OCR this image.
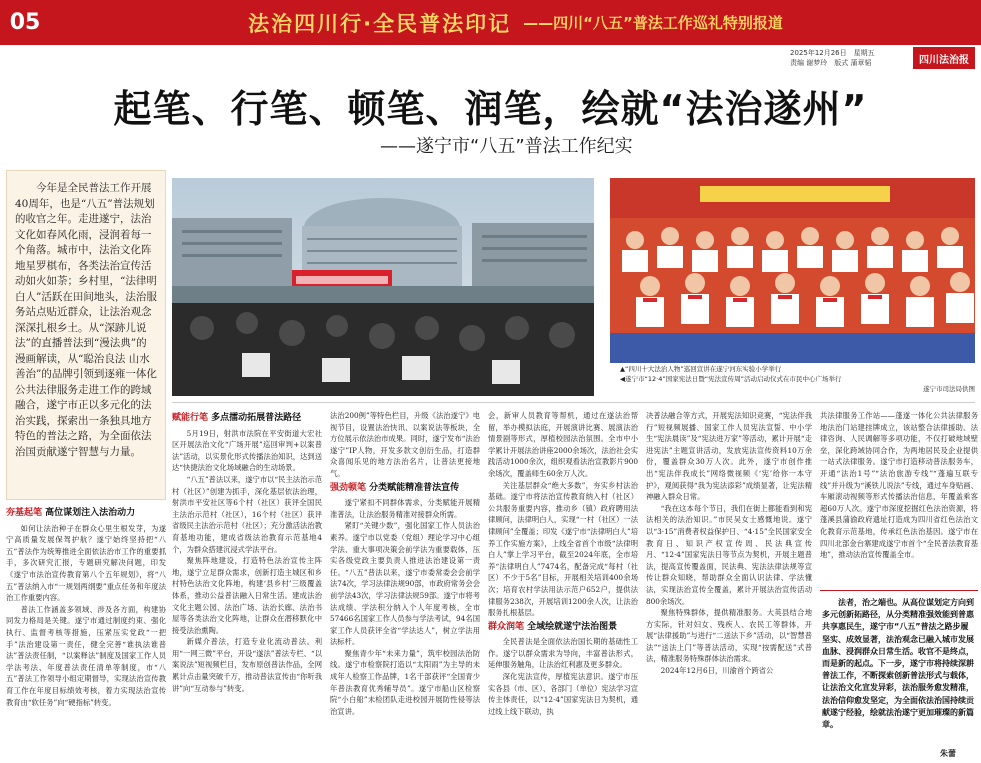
05	法治四川行·全民普法印记 ——四川“八五”普法工作巡礼特别报道
2025年12月26日　星期五
责编 谢梦玲　版式 蒲章韬	四川法治报
起笔、行笔、顿笔、润笔，绘就“法治遂州”
——遂宁市“八五”普法工作纪实

今年是全民普法工作开展40周年，也是“八五”普法规划的收官之年。走进遂宁，法治文化如春风化雨，浸润着每一个角落。城市中，法治文化阵地星罗棋布，各类法治宣传活动如火如荼；乡村里，“法律明白人”活跃在田间地头，法治服务站点贴近群众，让法治观念深深扎根乡土。从“深跡儿说法”的直播普法到“漫法典”的漫画解读，从“聪治良法 山水善治”的品牌引领到逐雍一体化公共法律服务走进工作的跨域融合，遂宁市正以多元化的法治实践，探索出一条独具地方特色的普法之路，为全面依法治国贡献遂宁智慧与力量。

▲“四川十大法治人物”巡回宣讲在遂宁河东实验小学举行
◀遂宁市“12·4”国家宪法日暨“宪法宣传周”活动启动仪式在市民中心广场举行
遂宁市司法局供图
夯基起笔 高位谋划注入法治动力

如何让法治种子在群众心里生根发芽，为遂宁高质量发展保驾护航？遂宁始终坚持把“八五”普法作为统筹推进全面依法治市工作的重要抓手，多次研究汇报，专题研究解决问题，印发《遂宁市法治宣传教育第八个五年规划》，将“八五”普法纳入市“一规划两纲要”重点任务和年度法治工作重要内容。

普法工作涵盖多领域、涉及各方面，构建协同发力格局是关键。遂宁市通过制度约束、强化执行、监督考核等措施，压紧压实党政“一把手”法治建设第一责任，健全完善“谁执法谁普法”普法责任制，“以案释法”制度及国家工作人员学法考法、年度普法责任清单等制度，市“八五”普法工作领导小组定期督导，实现法治宣传教育工作在年度目标绩效考核，着力实现法治宣传教育由“软任务”向“硬指标”转变。

赋能行笔 多点擂动拓展普法路径

5月19日，射洪市法院在平安街道大宏社区开展法治文化“广场开展”巡回审判+以案普法”活动，以实景化形式传播法治知识，达到送达“快捷法治文化场域融合的生动场景。

“八五”普法以来，遂宁市以“民主法治示范村（社区）”创建为抓手，深化基层依法治理，射洪市平安社区等6个村（社区）获评全国民主法治示范村（社区），16个村（社区）获评省级民主法治示范村（社区）；充分激活法治教育基地功能，建成省级法治教育示范基地4个，为群众搭建沉浸式学法平台。

聚焦阵地建设，打造特色法治宣传主阵地，遂宁立足群众需求，创新打造主城区和乡村特色法治文化阵地，构建‘县乡村’三级覆盖体系，推动公益普法融入日常生活。建成法治文化主题公园、法治广场、法治长廊、法治书屋等各类法治文化阵地，让群众在潜移默化中接受法治熏陶。

新媒介普法，打造专业化流动普法。利用“一网三微”平台，开设“遂法”普法专栏、“以案说法”短视频栏目，发布原创普法作品，全网累计点击量突破千万，推动普法宣传由“你听我讲”向“互动参与”转变。

法治200例”等特色栏目，升级《法治遂宁》电视节目，设置法治快讯、以案说法等板块，全方位展示依法治市成果。同时，遂宁发布“法治遂宁”IP人物，开发多款文创衍生品，打造群众喜闻乐见的地方法治名片，让普法更接地气。

强劲顿笔 分类赋能精准普法宣传

遂宁紧扣不同群体需求，分类赋能开展精准普法，让法治服务精准对接群众所需。

紧盯“关键少数”，强化国家工作人员法治素养。遂宁市以党委（党组）理论学习中心组学法、重大事项决策会前学法为重要载体，压实各级党政主要负责人推进法治建设第一责任。“八五”普法以来，遂宁市委常委会会前学法74次，学习法律法规90部，市政府常务会会前学法43次，学习法律法规59部。遂宁市将考法成绩、学法积分纳入个人年度考核，全市57466名国家工作人员参与学法考试，94名国家工作人员获评全省“学法达人”，树立学法用法标杆。

聚焦青少年“未来力量”，筑牢校园法治防线。遂宁市检察院打造以“太阳雨”为主导的未成年人检察工作品牌，1名干部获评“全国青少年普法教育优秀辅导员”。遂宁市船山区检察院“小白船”未检团队走进校园开展防性侵等法治宣讲。

会，新审人员教育等帮机，通过在遂法治帮留，举办模拟法庭，开展演讲比赛、展演法治情景剧等形式，厚植校园法治氛围。全市中小学累计开展法治讲座2000余场次，法治社会实践活动1000余次，组织观看法治宣教影片900余场次，覆盖师生60余万人次。

关注基层群众“绝大多数”，夯实乡村法治基础。遂宁市将法治宣传教育纳入村（社区）公共服务重要内容，推动乡（镇）政府聘用法律顾问，法律明白人，实现“一村（社区）一法律顾问”全覆盖；印发《遂宁市“法律明白人”培养工作实施方案》，上线全省首个市级“法律明白人”掌上学习平台，截至2024年底，全市培养“法律明白人”7474名，配备完成“每村（社区）不少于5名”目标，开展相关培训400余场次；培育农村学法用法示范户652户，提供法律服务238次，开展培训1200余人次，让法治服务扎根基层。

群众润笔 全域绘就遂宁法治图景

全民普法是全面依法治国长期的基础性工作。遂宁以群众需求为导向，丰富普法形式，延伸服务触角，让法治红利惠及更多群众。

深化宪法宣传，厚植宪法意识。遂宁市压实各县（市、区）、各部门（单位）宪法学习宣传主体责任，以“12·4”国家宪法日为契机，通过线上线下联动，执

决普法融合等方式，开展宪法知识竞赛，“宪法伴我行”短视频展播、国家工作人员宪法宣誓、中小学生“宪法晨读”及“宪法进万家”等活动，累计开展“走进宪法”主题宣讲活动，发放宪法宣传资料10万余份，覆盖群众30万人次。此外，遂宁市创作推出“宪法伴我成长”网络微视频《‘宪’给你一本守护》，观阅获得“我为宪法添彩”成绩显著，让宪法精神融入群众日常。

“我在这本每个节日，我们在街上都能看到和宪法相关的法治知识。”市民吴女士感慨地说。遂宁以“3·15”消费者权益保护日、“4·15”全民国家安全教育日、知识产权宣传周、民法典宣传月、“12·4”国家宪法日等节点为契机，开展主题普法，提高宣传覆盖面，民法典、宪法法律法规等宣传让群众知晓，帮助群众全面认识法律、学法懂法，实现法治宣传全覆盖，累计开展法治宣传活动800余场次。

聚焦特殊群体，提供精准服务。大英县结合地方实际，针对妇女、残疾人、农民工等群体，开展“法律援助”与进行“二送法下乡”活动，以“智慧普法”“送法上门”等普法活动，实现“按需配送”式普法，精准服务特殊群体法治需求。

2024年12月6日，川渝首个跨省公

共法律服务工作站——蓬遂一体化公共法律服务地法治门站建挂牌成立，该站整合法律援助、法律咨询、人民调解等多项功能，不仅打破地域壁垒，深化跨域协同合作，为两地居民及企业提供一站式法律服务。遂宁市打造移动普法服务车，开通“法治1号”“法治旅游专线”“蓬遍互联专线”并升级为“溪铁儿说法”专线，通过车身贴画、车厢滚动视频等形式传播法治信息，年覆盖乘客超60万人次。遂宁市深度挖掘红色法治资源，将蓬溪县蒲渝政府遗址打造成为四川省红色法治文化教育示范基地，传承红色法治基因。遂宁市在四川北部金台寨建成遂宁市首个“全民普法教育基地”，推动法治宣传覆盖全市。

法者，治之端也。从高位谋划定方向到多元创新拓路径，从分类精准强效能到普惠共享惠民生，遂宁市“八五”普法之路步履坚实、成效显著，法治观念已融入城市发展血脉、浸润群众日常生活。收官不是终点，而是新的起点。下一步，遂宁市将持续深耕普法工作，不断探索创新普法形式与载体，让法治文化宣发异彩，法治服务愈发精准，法治信仰愈发坚定，为全面依法治国持续贡献遂宁经验，绘就法治遂宁更加璀璨的新篇章。

朱蕾
